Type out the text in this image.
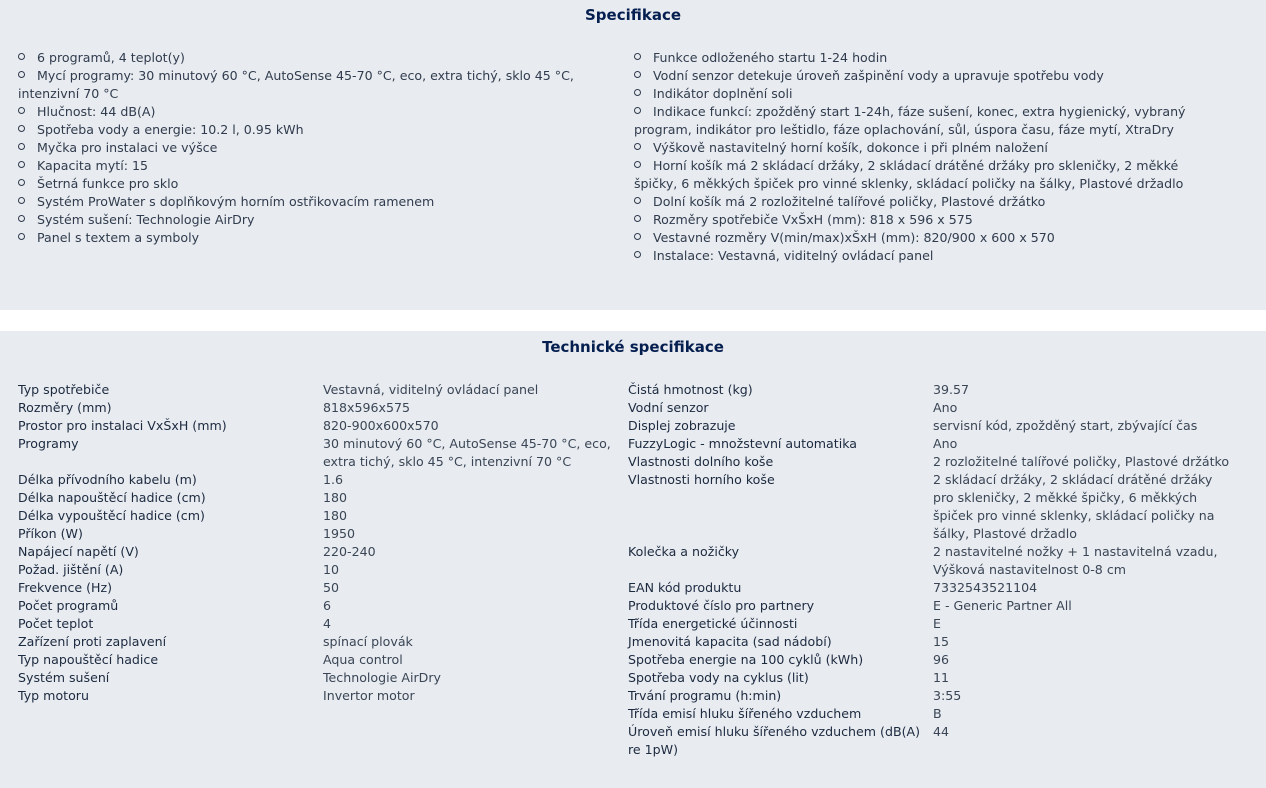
Specifikace
6 programů, 4 teplot(y)
Mycí programy: 30 minutový 60 °C, AutoSense 45-70 °C, eco, extra tichý, sklo 45 °C, intenzivní 70 °C
Hlučnost: 44 dB(A)
Spotřeba vody a energie: 10.2 l, 0.95 kWh
Myčka pro instalaci ve výšce
Kapacita mytí: 15
Šetrná funkce pro sklo
Systém ProWater s doplňkovým horním ostřikovacím ramenem
Systém sušení: Technologie AirDry
Panel s textem a symboly
Funkce odloženého startu 1-24 hodin
Vodní senzor detekuje úroveň zašpinění vody a upravuje spotřebu vody
Indikátor doplnění soli
Indikace funkcí: zpožděný start 1-24h, fáze sušení, konec, extra hygienický, vybraný program, indikátor pro leštidlo, fáze oplachování, sůl, úspora času, fáze mytí, XtraDry
Výškově nastavitelný horní košík, dokonce i při plném naložení
Horní košík má 2 skládací držáky, 2 skládací drátěné držáky pro skleničky, 2 měkké špičky, 6 měkkých špiček pro vinné sklenky, skládací poličky na šálky, Plastové držadlo
Dolní košík má 2 rozložitelné talířové poličky, Plastové držátko
Rozměry spotřebiče VxŠxH (mm): 818 x 596 x 575
Vestavné rozměry V(min/max)xŠxH (mm): 820/900 x 600 x 570
Instalace: Vestavná, viditelný ovládací panel
Technické specifikace
Typ spotřebiče	Vestavná, viditelný ovládací panel
Rozměry (mm)	818x596x575
Prostor pro instalaci VxŠxH (mm)	820-900x600x570
Programy	30 minutový 60 °C, AutoSense 45-70 °C, eco, extra tichý, sklo 45 °C, intenzivní 70 °C
Délka přívodního kabelu (m)	1.6
Délka napouštěcí hadice (cm)	180
Délka vypouštěcí hadice (cm)	180
Příkon (W)	1950
Napájecí napětí (V)	220-240
Požad. jištění (A)	10
Frekvence (Hz)	50
Počet programů	6
Počet teplot	4
Zařízení proti zaplavení	spínací plovák
Typ napouštěcí hadice	Aqua control
Systém sušení	Technologie AirDry
Typ motoru	Invertor motor
Čistá hmotnost (kg)	39.57
Vodní senzor	Ano
Displej zobrazuje	servisní kód, zpožděný start, zbývající čas
FuzzyLogic - množstevní automatika	Ano
Vlastnosti dolního koše	2 rozložitelné talířové poličky, Plastové držátko
Vlastnosti horního koše	2 skládací držáky, 2 skládací drátěné držáky pro skleničky, 2 měkké špičky, 6 měkkých špiček pro vinné sklenky, skládací poličky na šálky, Plastové držadlo
Kolečka a nožičky	2 nastavitelné nožky + 1 nastavitelná vzadu, Výšková nastavitelnost 0-8 cm
EAN kód produktu	7332543521104
Produktové číslo pro partnery	E - Generic Partner All
Třída energetické účinnosti	E
Jmenovitá kapacita (sad nádobí)	15
Spotřeba energie na 100 cyklů (kWh)	96
Spotřeba vody na cyklus (lit)	11
Trvání programu (h:min)	3:55
Třída emisí hluku šířeného vzduchem	B
Úroveň emisí hluku šířeného vzduchem (dB(A) re 1pW)	44
